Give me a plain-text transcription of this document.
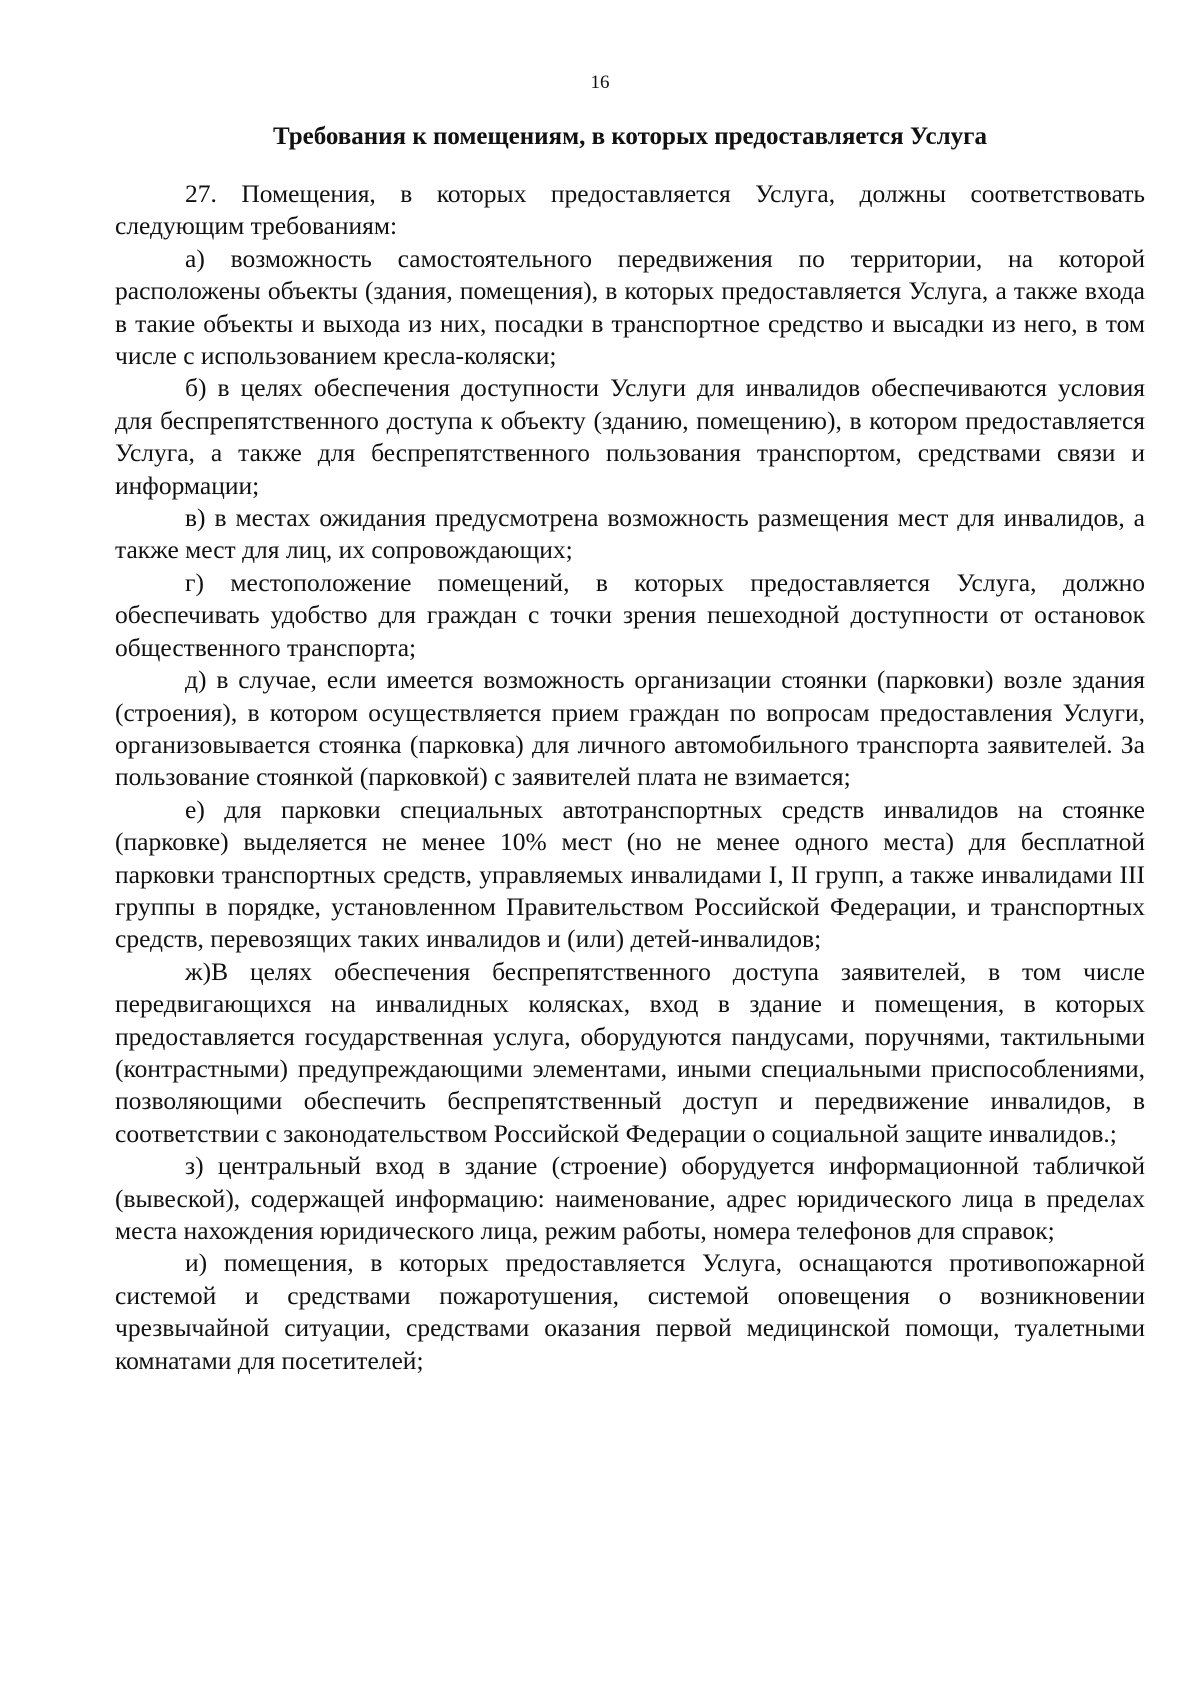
16
Требования к помещениям, в которых предоставляется Услуга

27. Помещения, в которых предоставляется Услуга, должны соответствовать следующим требованиям:

а) возможность самостоятельного передвижения по территории, на которой расположены объекты (здания, помещения), в которых предоставляется Услуга, а также входа в такие объекты и выхода из них, посадки в транспортное средство и высадки из него, в том числе с использованием кресла-коляски;

б) в целях обеспечения доступности Услуги для инвалидов обеспечиваются условия для беспрепятственного доступа к объекту (зданию, помещению), в котором предоставляется Услуга, а также для беспрепятственного пользования транспортом, средствами связи и информации;

в) в местах ожидания предусмотрена возможность размещения мест для инвалидов, а также мест для лиц, их сопровождающих;

г) местоположение помещений, в которых предоставляется Услуга, должно обеспечивать удобство для граждан с точки зрения пешеходной доступности от остановок общественного транспорта;

д) в случае, если имеется возможность организации стоянки (парковки) возле здания (строения), в котором осуществляется прием граждан по вопросам предоставления Услуги, организовывается стоянка (парковка) для личного автомобильного транспорта заявителей. За пользование стоянкой (парковкой) с заявителей плата не взимается;

е) для парковки специальных автотранспортных средств инвалидов на стоянке (парковке) выделяется не менее 10% мест (но не менее одного места) для бесплатной парковки транспортных средств, управляемых инвалидами I, II групп, а также инвалидами III группы в порядке, установленном Правительством Российской Федерации, и транспортных средств, перевозящих таких инвалидов и (или) детей-инвалидов;

ж)В целях обеспечения беспрепятственного доступа заявителей, в том числе передвигающихся на инвалидных колясках, вход в здание и помещения, в которых предоставляется государственная услуга, оборудуются пандусами, поручнями, тактильными (контрастными) предупреждающими элементами, иными специальными приспособлениями, позволяющими обеспечить беспрепятственный доступ и передвижение инвалидов, в соответствии с законодательством Российской Федерации о социальной защите инвалидов.;

з) центральный вход в здание (строение) оборудуется информационной табличкой (вывеской), содержащей информацию: наименование, адрес юридического лица в пределах места нахождения юридического лица, режим работы, номера телефонов для справок;

и) помещения, в которых предоставляется Услуга, оснащаются противопожарной системой и средствами пожаротушения, системой оповещения о возникновении чрезвычайной ситуации, средствами оказания первой медицинской помощи, туалетными комнатами для посетителей;
